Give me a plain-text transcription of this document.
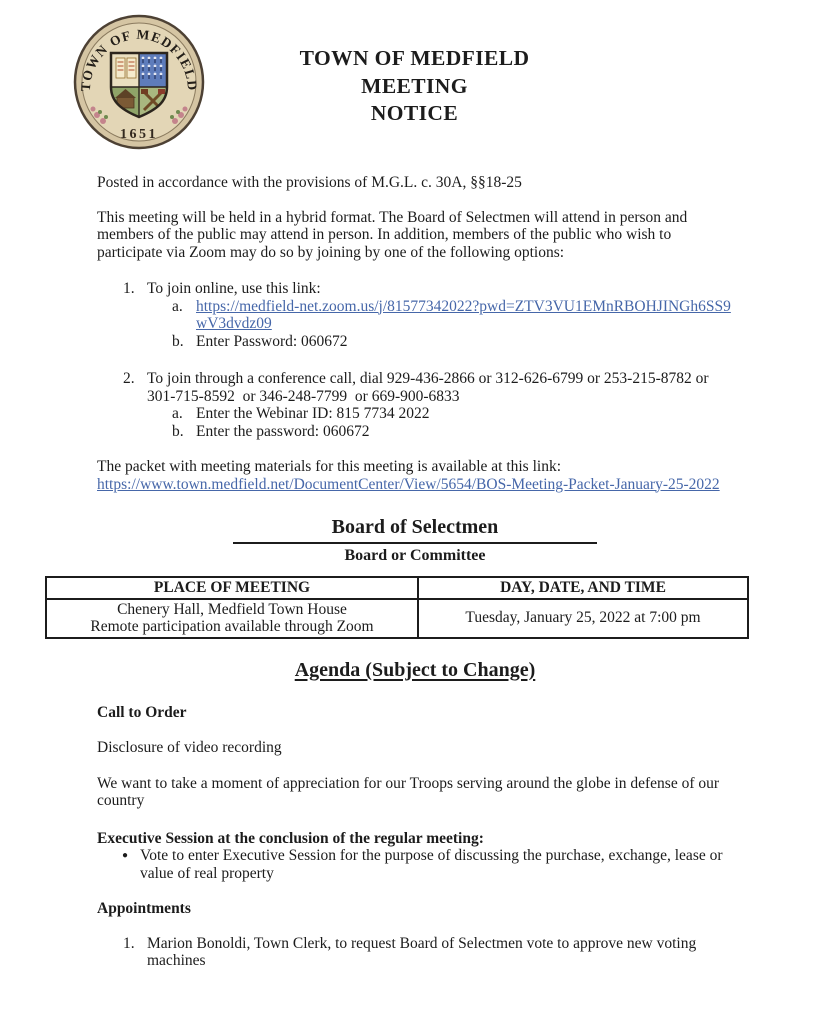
TOWN OF MEDFIELD
1651
TOWN OF MEDFIELD
MEETING
NOTICE
Posted in accordance with the provisions of M.G.L. c. 30A, §§18-25
This meeting will be held in a hybrid format. The Board of Selectmen will attend in person and members of the public may attend in person. In addition, members of the public who wish to participate via Zoom may do so by joining by one of the following options:
1. To join online, use this link:
a. https://medfield-net.zoom.us/j/81577342022?pwd=ZTV3VU1EMnRBOHJINGh6SS9wV3dvdz09
b. Enter Password: 060672
2. To join through a conference call, dial 929-436-2866 or 312-626-6799 or 253-215-8782 or 301-715-8592  or 346-248-7799  or 669-900-6833
a. Enter the Webinar ID: 815 7734 2022
b. Enter the password: 060672
The packet with meeting materials for this meeting is available at this link:
https://www.town.medfield.net/DocumentCenter/View/5654/BOS-Meeting-Packet-January-25-2022
Board of Selectmen
Board or Committee
PLACE OF MEETING	DAY, DATE, AND TIME

Chenery Hall, Medfield Town House
Remote participation available through Zoom	Tuesday, January 25, 2022 at 7:00 pm
Agenda (Subject to Change)
Call to Order
Disclosure of video recording
We want to take a moment of appreciation for our Troops serving around the globe in defense of our country
Executive Session at the conclusion of the regular meeting:
● Vote to enter Executive Session for the purpose of discussing the purchase, exchange, lease or value of real property
Appointments
1. Marion Bonoldi, Town Clerk, to request Board of Selectmen vote to approve new voting machines
